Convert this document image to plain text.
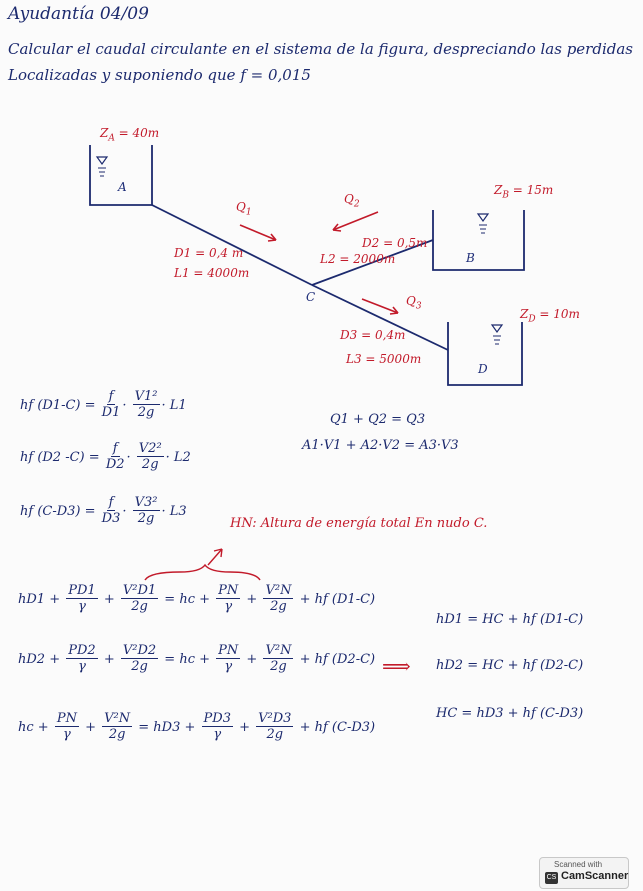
Ayudantía 04/09
Calcular el caudal circulante en el sistema de la figura, despreciando las perdidas
Localizadas y suponiendo que f = 0,015
$Z_A = 40m$
A	$Z_B = 15m$
B
$Z_D = 10m$
D
C
$Q_1$
$Q_2$
$Q_3$
D1 = 0,4 m
L1 = 4000m
D2 = 0,5m
L2 = 2000m
D3 = 0,4m
L3 = 5000m
hf $(D1-C) = \frac{f}{D1} \cdot \frac{\text{V1²}}{2g} \cdot L1$
hf (D2 $-C) = \frac{f}{D2} \cdot \frac{\text{V2²}}{2g} \cdot L2$
hf $(C-D3) = \frac{f}{D3} \cdot \frac{\text{V3²}}{2g} \cdot L3$
Q1 + Q2 = Q3
A1·V1 + A2·V2 = A3·V3
HN: Altura de energía total En nudo C.
$hD1 + \frac{PD1}{\gamma} + \frac{\text{V²D1}}{2g}$ = hc + $\frac{PN}{\gamma} + \frac{\text{V²N}}{2g}$ + hf (D1-C)
$hD2 + \frac{PD2}{\gamma} + \frac{\text{V²D2}}{2g}$ = hc + $\frac{PN}{\gamma} + \frac{\text{V²N}}{2g}$ + hf (D2-C) ⟹
hc + $\frac{PN}{\gamma} + \frac{\text{V²N}}{2g} = hD3 + \frac{PD3}{\gamma} + \frac{\text{V²D3}}{2g}$ + hf (C-D3)
hD1 = HC + hf (D1-C)
hD2 = HC + hf (D2-C)
HC = hD3 + hf (C-D3)
Scanned with
CS CamScanner
